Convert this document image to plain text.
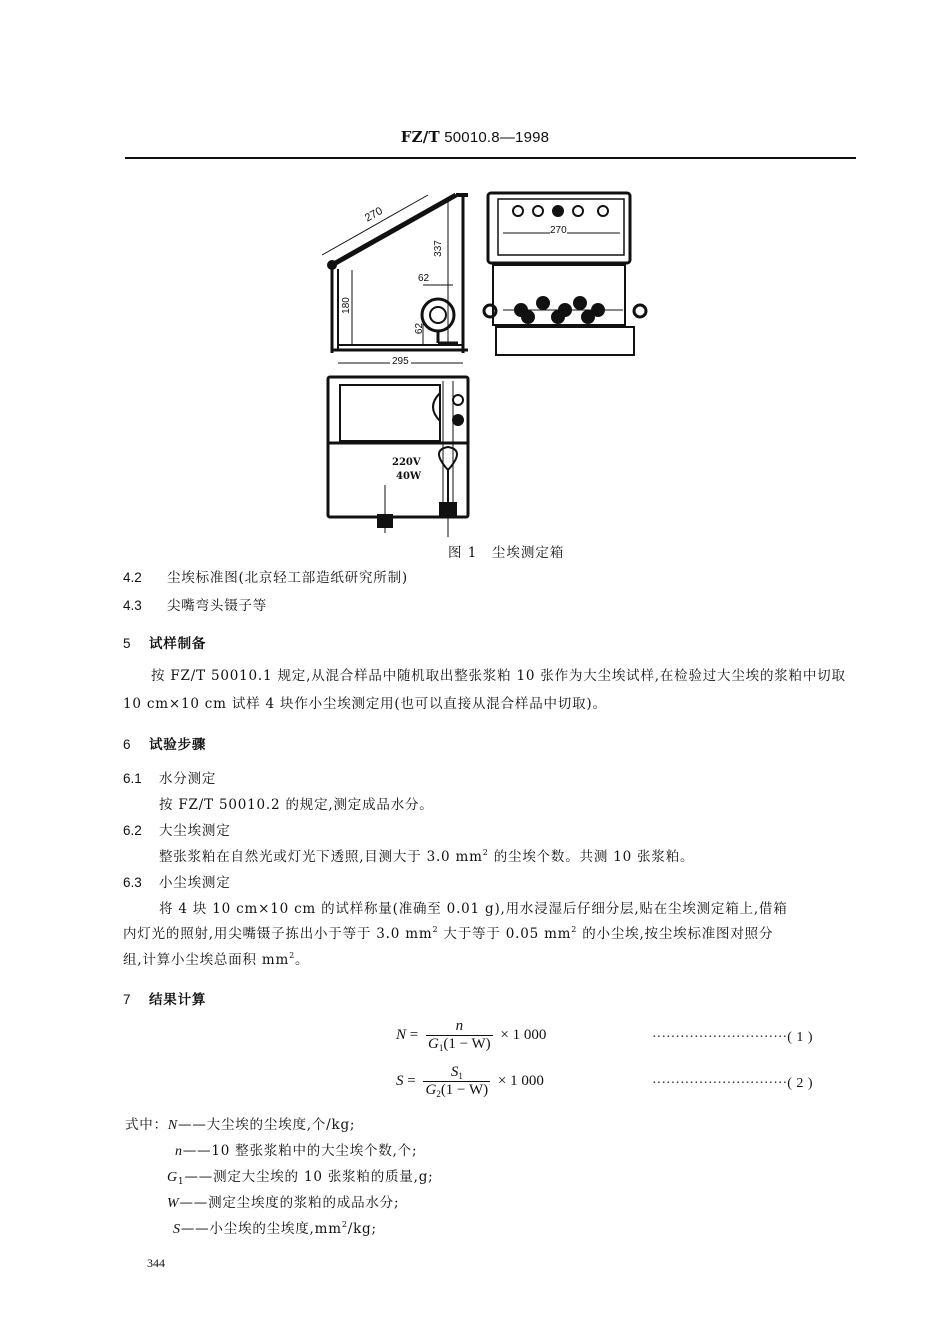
FZ/T 50010.8—1998
270
337
180
62
62
295
270
220V
40W
图 1　尘埃测定箱
4.2 尘埃标准图(北京轻工部造纸研究所制)
4.3 尖嘴弯头镊子等
5 试样制备
按 FZ/T 50010.1 规定,从混合样品中随机取出整张浆粕 10 张作为大尘埃试样,在检验过大尘埃的浆粕中切取 10 cm×10 cm 试样 4 块作小尘埃测定用(也可以直接从混合样品中切取)。
6 试验步骤
6.1 水分测定
按 FZ/T 50010.2 的规定,测定成品水分。
6.2 大尘埃测定
整张浆粕在自然光或灯光下透照,目测大于 3.0 $mm^2$ 的尘埃个数。共测 10 张浆粕。
6.3 小尘埃测定
将 4 块 10 cm×10 cm 的试样称量(准确至 0.01 g),用水浸湿后仔细分层,贴在尘埃测定箱上,借箱
内灯光的照射,用尖嘴镊子拣出小于等于 3.0 $mm^2$ 大于等于 0.05 $mm^2$ 的小尘埃,按尘埃标准图对照分
组,计算小尘埃总面积 $mm^2$。
7 结果计算
$N = \frac{n}{G_1(1 - W)} \times 1$ 000	·····························( 1 )
$S = \frac{S_1}{G_2(1 - W)} \times 1$ 000	·····························( 2 )
式中：N——大尘埃的尘埃度,个/kg;
n——10 整张浆粕中的大尘埃个数,个;
$G_1——$测定大尘埃的 10 张浆粕的质量,g;
W——测定尘埃度的浆粕的成品水分;
S——小尘埃的尘埃度$,mm^2/kg$;
344
